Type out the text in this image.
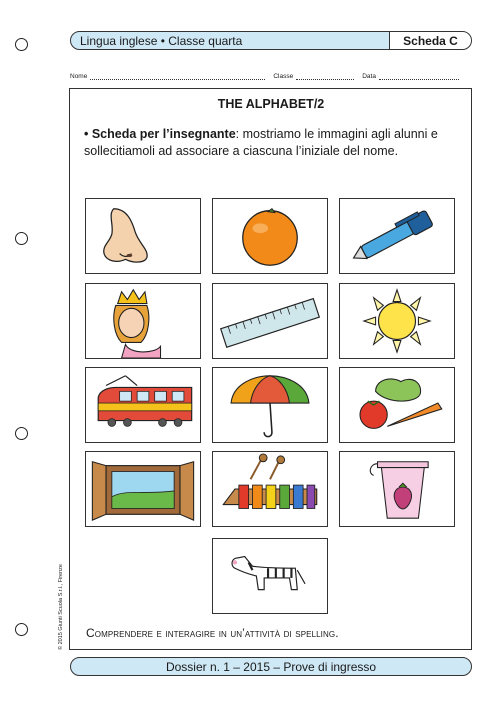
Lingua inglese • Classe quarta	Scheda C
Nome	Classe	Data
THE ALPHABET/2
• Scheda per l’insegnante: mostriamo le immagini agli alunni e sollecitiamoli ad associare a ciascuna l’iniziale del nome.
Comprendere e interagire in un’attività di spelling.
Dossier n. 1 – 2015 – Prove di ingresso
© 2015 Giunti Scuola S.r.l., Firenze
